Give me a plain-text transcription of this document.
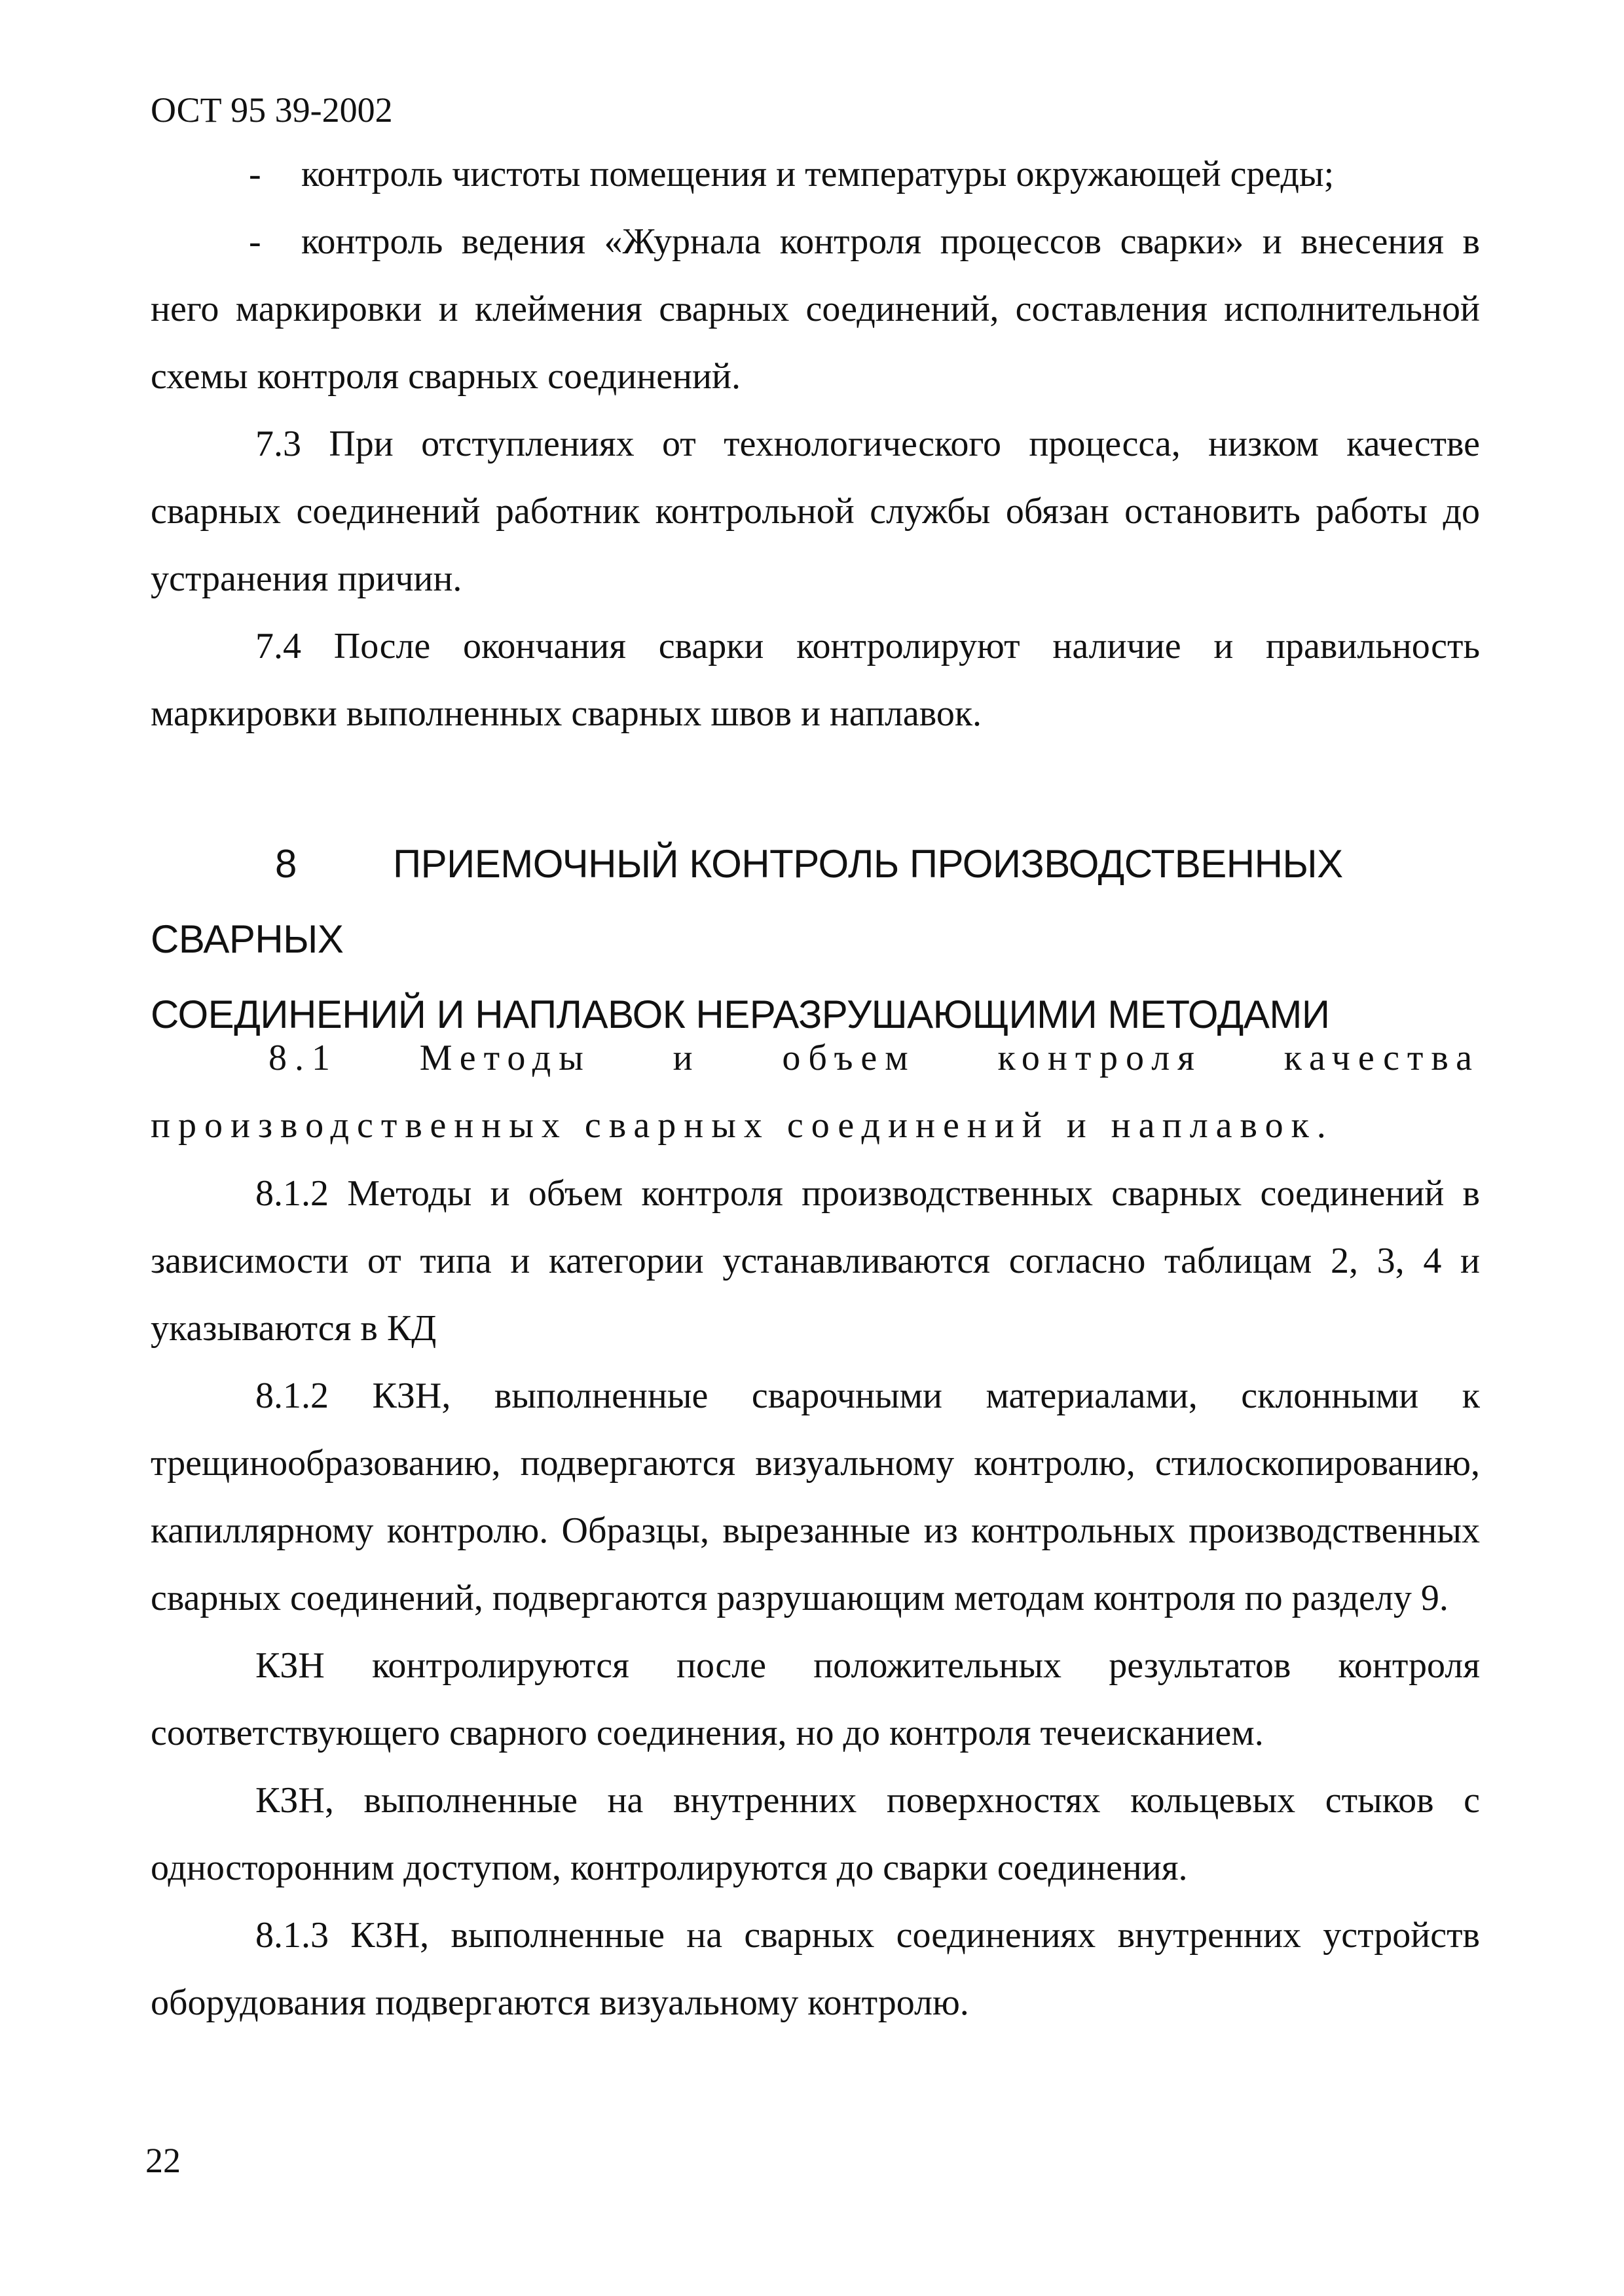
ОСТ 95 39-2002

- контроль чистоты помещения и температуры окружающей среды;

- контроль ведения «Журнала контроля процессов сварки» и внесения в него маркировки и клеймения сварных соединений, составления исполнительной схемы контроля сварных соединений.

7.3 При отступлениях от технологического процесса, низком качестве сварных соединений работник контрольной службы обязан остановить работы до устранения причин.

7.4 После окончания сварки контролируют наличие и правильность маркировки выполненных сварных швов и наплавок.

8 ПРИЕМОЧНЫЙ КОНТРОЛЬ ПРОИЗВОДСТВЕННЫХ СВАРНЫХ
СОЕДИНЕНИЙ И НАПЛАВОК НЕРАЗРУШАЮЩИМИ МЕТОДАМИ
8.1 Методы и объем контроля качества
производственных сварных соединений и наплавок.

8.1.2 Методы и объем контроля производственных сварных соединений в зависимости от типа и категории устанавливаются согласно таблицам 2, 3, 4 и указываются в КД

8.1.2 КЗН, выполненные сварочными материалами, склонными к трещинообразованию, подвергаются визуальному контролю, стилоскопированию, капиллярному контролю. Образцы, вырезанные из контрольных производственных сварных соединений, подвергаются разрушающим методам контроля по разделу 9.

КЗН контролируются после положительных результатов контроля соответствующего сварного соединения, но до контроля течеисканием.

КЗН, выполненные на внутренних поверхностях кольцевых стыков с односторонним доступом, контролируются до сварки соединения.

8.1.3 КЗН, выполненные на сварных соединениях внутренних устройств оборудования подвергаются визуальному контролю.

22
